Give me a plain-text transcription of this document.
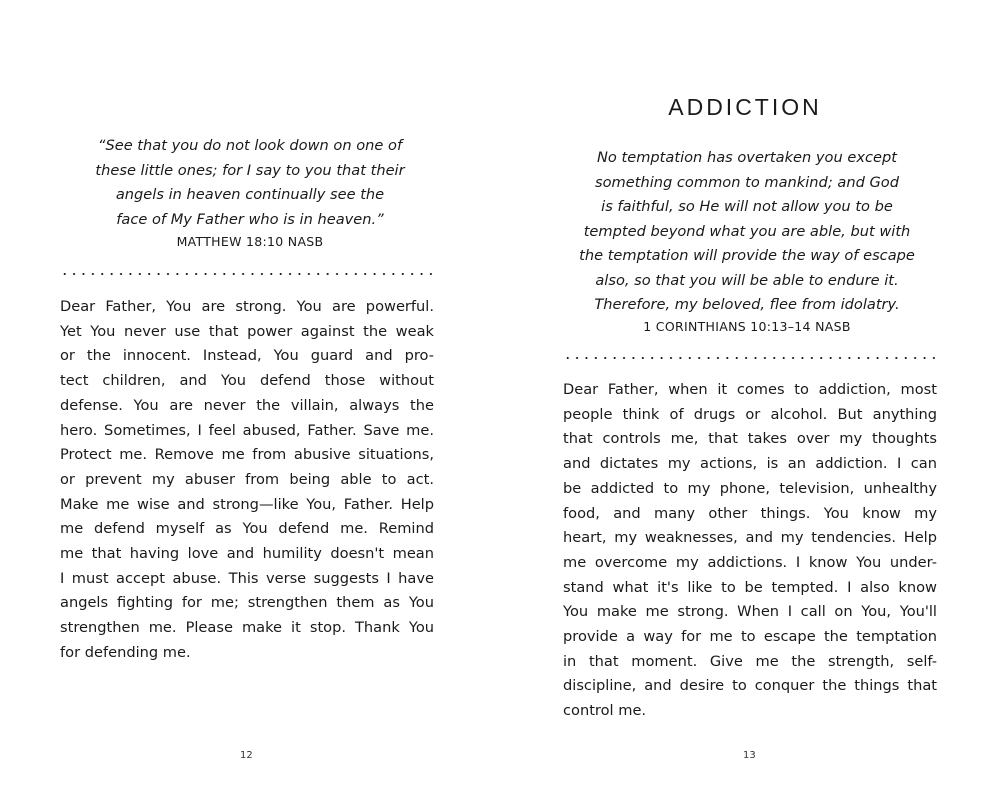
“See that you do not look down on one of
these little ones; for I say to you that their
angels in heaven continually see the
face of My Father who is in heaven.”

MATTHEW 18:10 NASB

Dear Father, You are strong. You are powerful.
Yet You never use that power against the weak
or the innocent. Instead, You guard and pro-
tect children, and You defend those without
defense. You are never the villain, always the
hero. Sometimes, I feel abused, Father. Save me.
Protect me. Remove me from abusive situations,
or prevent my abuser from being able to act.
Make me wise and strong—like You, Father. Help
me defend myself as You defend me. Remind
me that having love and humility doesn't mean
I must accept abuse. This verse suggests I have
angels fighting for me; strengthen them as You
strengthen me. Please make it stop. Thank You
for defending me.

12

ADDICTION

No temptation has overtaken you except
something common to mankind; and God
is faithful, so He will not allow you to be
tempted beyond what you are able, but with
the temptation will provide the way of escape
also, so that you will be able to endure it.
Therefore, my beloved, flee from idolatry.

1 CORINTHIANS 10:13–14 NASB

Dear Father, when it comes to addiction, most
people think of drugs or alcohol. But anything
that controls me, that takes over my thoughts
and dictates my actions, is an addiction. I can
be addicted to my phone, television, unhealthy
food, and many other things. You know my
heart, my weaknesses, and my tendencies. Help
me overcome my addictions. I know You under-
stand what it's like to be tempted. I also know
You make me strong. When I call on You, You'll
provide a way for me to escape the temptation
in that moment. Give me the strength, self-
discipline, and desire to conquer the things that
control me.

13
